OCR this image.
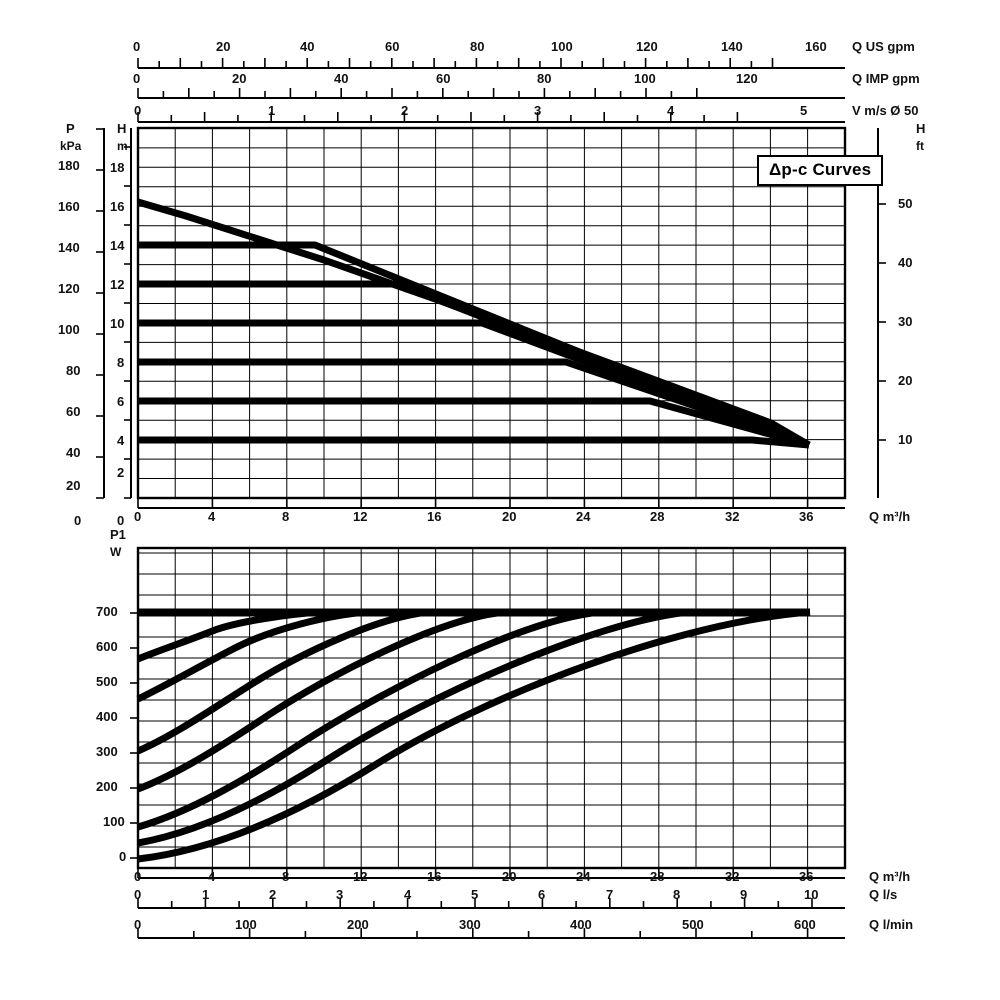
0	20	40	60	80	100	120	140	160 Q US gpm
0	20	40	60	80	100	120	Q IMP gpm
0	1	2	3	4	5	V m/s Ø 50
P
kPa
H
m
H
ft
180
160
140
120
100
80
60
40
20
0
18
16
14
12
10
8
6
4
2
0
50
40
30
20
10
0	4	8	12	16	20	24	28	32	36	Q m³/h
Δp-c Curves
P1
W
700
600
500
400
300
200
100
0
0	4	8	12	16	20	24	28	32	36	Q m³/h
0	1	2	3	4	5	6	7	8	9	10	Q l/s
0	100	200	300	400	500	600	Q l/min
